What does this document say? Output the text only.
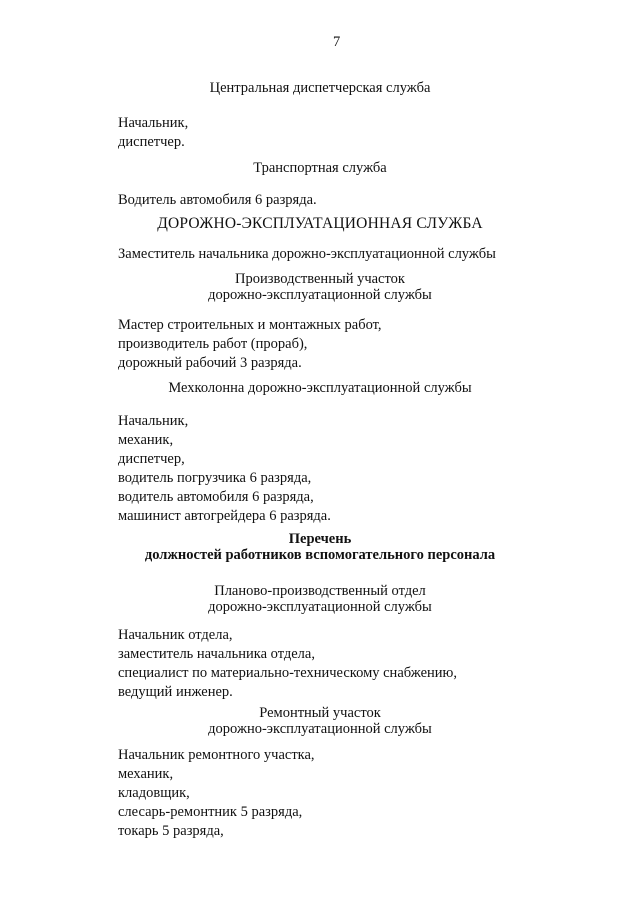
7
Центральная диспетчерская служба
Начальник,
диспетчер.
Транспортная служба
Водитель автомобиля 6 разряда.
ДОРОЖНО-ЭКСПЛУАТАЦИОННАЯ СЛУЖБА
Заместитель начальника дорожно-эксплуатационной службы
Производственный участок
дорожно-эксплуатационной службы
Мастер строительных и монтажных работ,
производитель работ (прораб),
дорожный рабочий 3 разряда.
Мехколонна дорожно-эксплуатационной службы
Начальник,
механик,
диспетчер,
водитель погрузчика 6 разряда,
водитель автомобиля 6 разряда,
машинист автогрейдера 6 разряда.
Перечень
должностей работников вспомогательного персонала
Планово-производственный отдел
дорожно-эксплуатационной службы
Начальник отдела,
заместитель начальника отдела,
специалист по материально-техническому снабжению,
ведущий инженер.
Ремонтный участок
дорожно-эксплуатационной службы
Начальник ремонтного участка,
механик,
кладовщик,
слесарь-ремонтник 5 разряда,
токарь 5 разряда,
